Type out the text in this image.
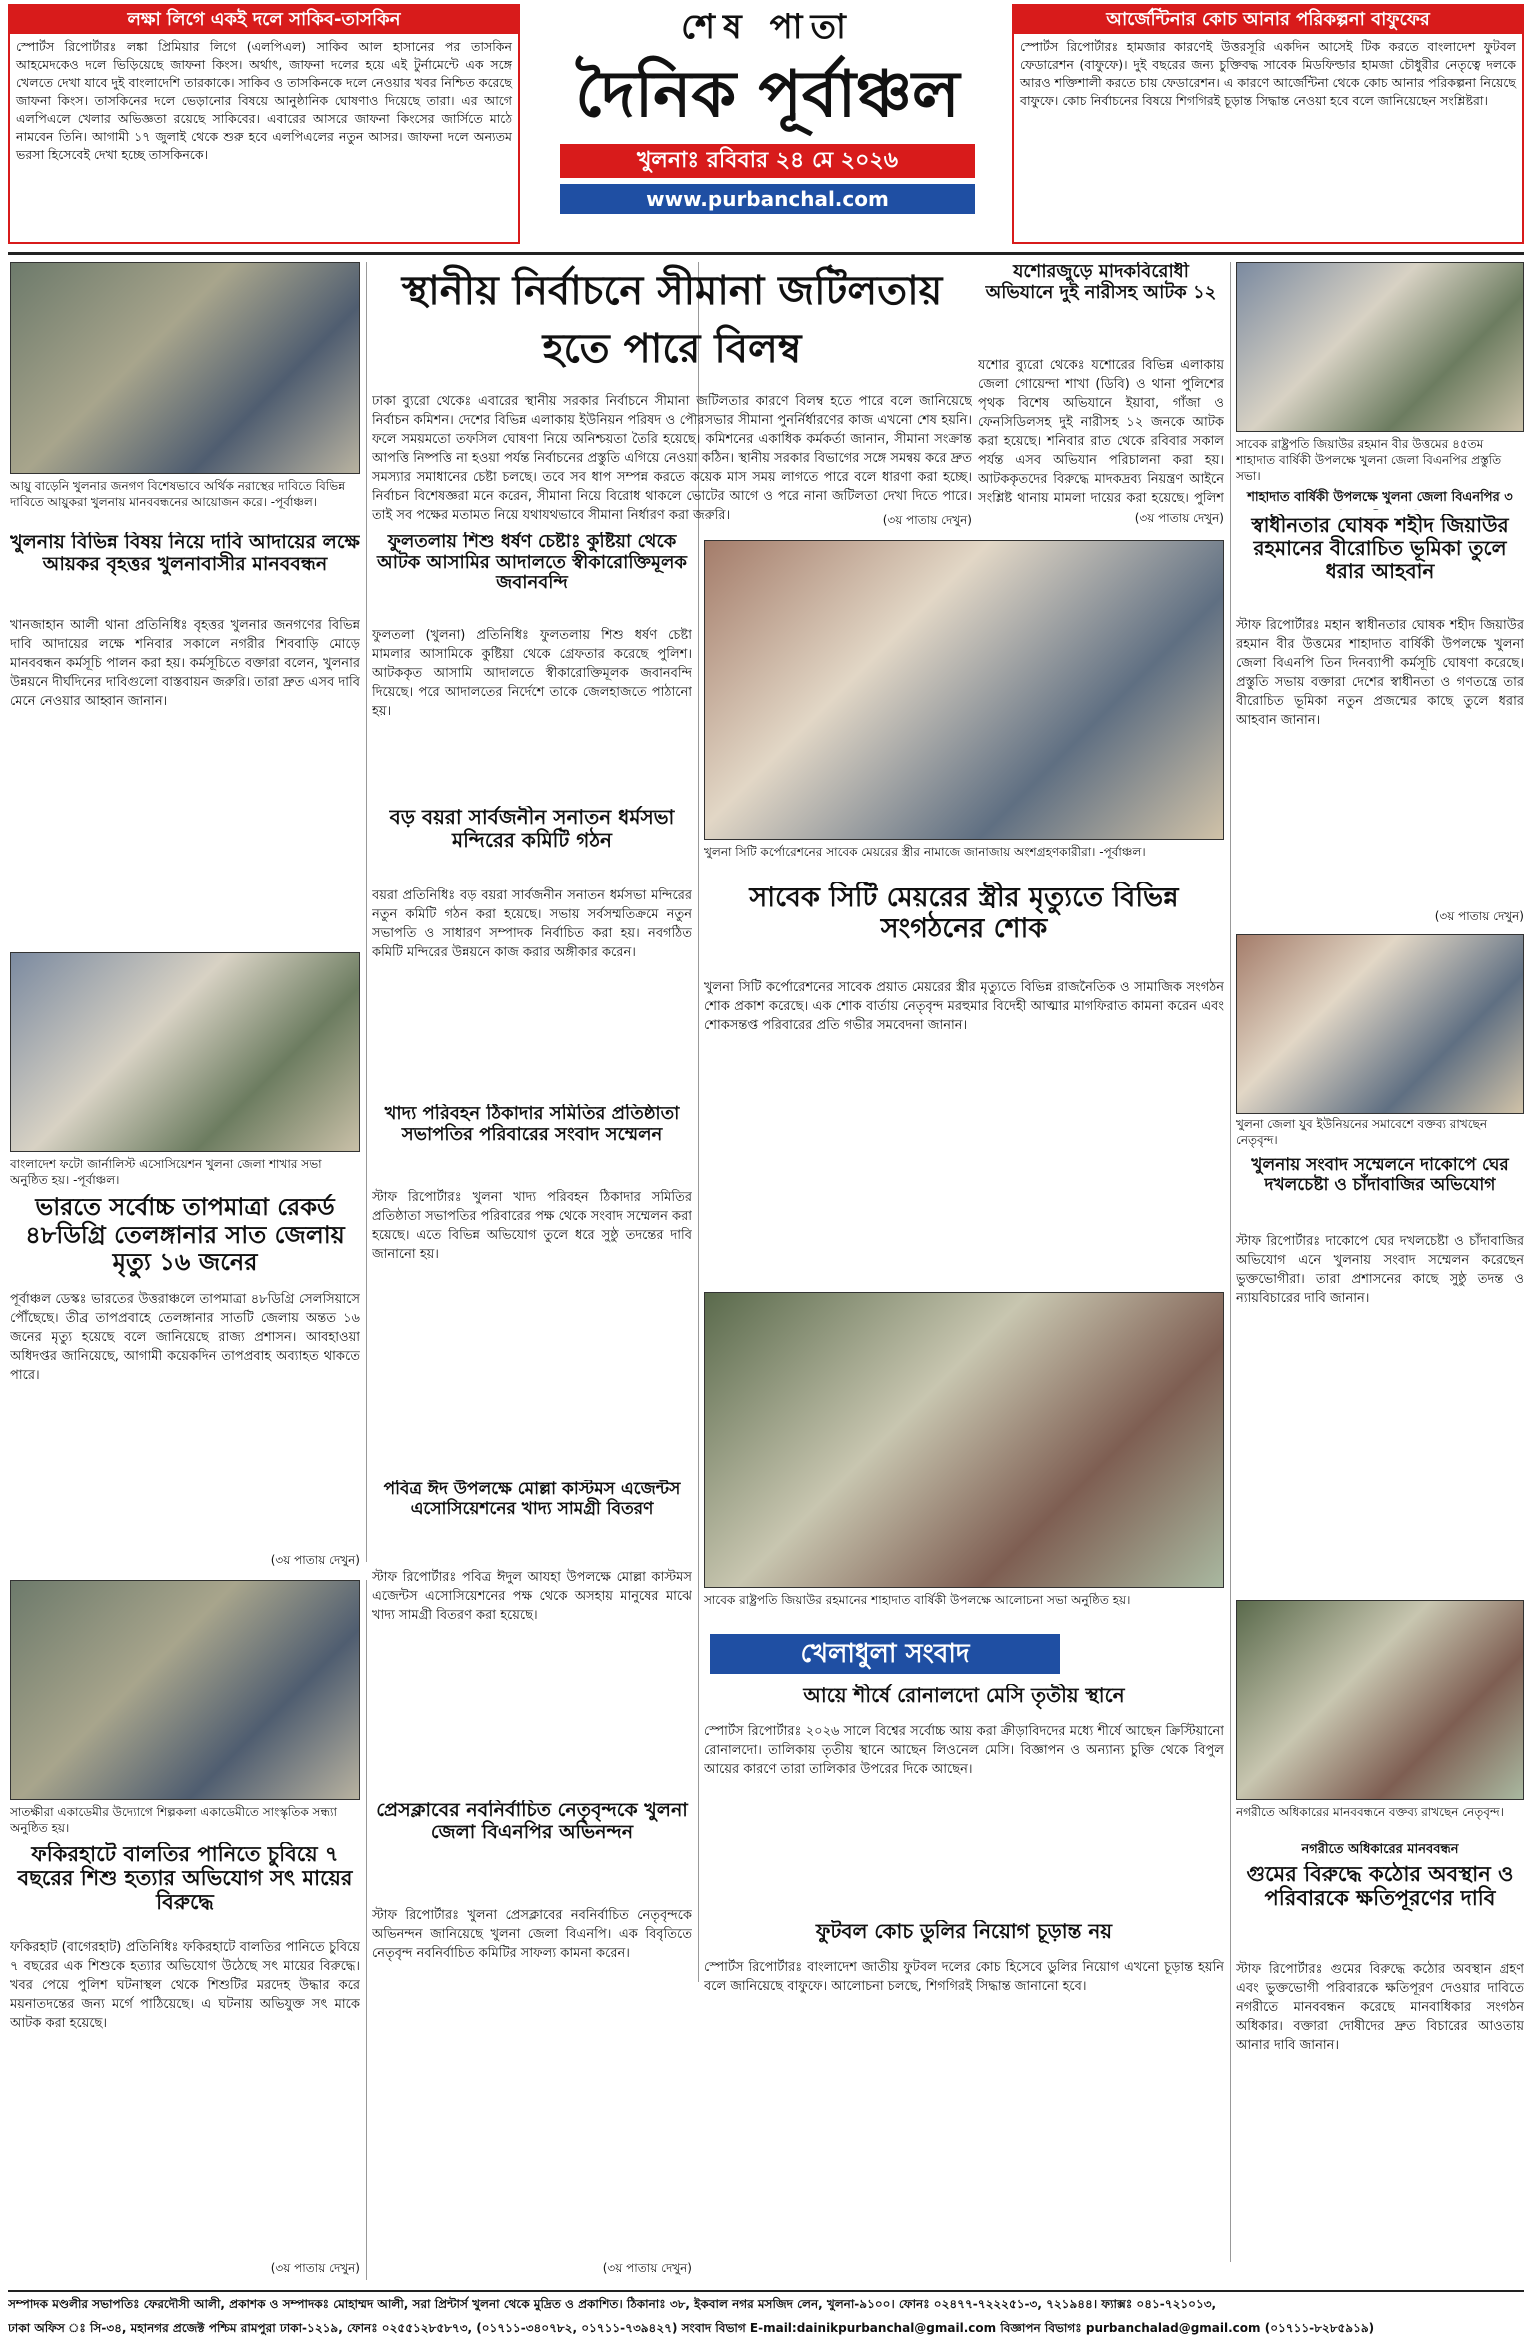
লক্ষা লিগে একই দলে সাকিব-তাসকিন
স্পোর্টস রিপোর্টারঃ লঙ্কা প্রিমিয়ার লিগে (এলপিএল) সাকিব আল হাসানের পর তাসকিন আহমেদকেও দলে ভিড়িয়েছে জাফনা কিংস। অর্থাৎ, জাফনা দলের হয়ে এই টুর্নামেন্টে এক সঙ্গে খেলতে দেখা যাবে দুই বাংলাদেশি তারকাকে। সাকিব ও তাসকিনকে দলে নেওয়ার খবর নিশ্চিত করেছে জাফনা কিংস। তাসকিনের দলে ভেড়ানোর বিষয়ে আনুষ্ঠানিক ঘোষণাও দিয়েছে তারা। এর আগে এলপিএলে খেলার অভিজ্ঞতা রয়েছে সাকিবের। এবারের আসরে জাফনা কিংসের জার্সিতে মাঠে নামবেন তিনি। আগামী ১৭ জুলাই থেকে শুরু হবে এলপিএলের নতুন আসর। জাফনা দলে অন্যতম ভরসা হিসেবেই দেখা হচ্ছে তাসকিনকে।
শেষ পাতা
দৈনিক পূর্বাঞ্চল
খুলনাঃ রবিবার ২৪ মে ২০২৬
www.purbanchal.com
আর্জেন্টিনার কোচ আনার পরিকল্পনা বাফুফের
স্পোর্টস রিপোর্টারঃ হামজার কারণেই উত্তরসূরি একদিন আসেই টিক করতে বাংলাদেশ ফুটবল ফেডারেশন (বাফুফে)। দুই বছরের জন্য চুক্তিবদ্ধ সাবেক মিডফিল্ডার হামজা চৌধুরীর নেতৃত্বে দলকে আরও শক্তিশালী করতে চায় ফেডারেশন। এ কারণে আর্জেন্টিনা থেকে কোচ আনার পরিকল্পনা নিয়েছে বাফুফে। কোচ নির্বাচনের বিষয়ে শিগগিরই চূড়ান্ত সিদ্ধান্ত নেওয়া হবে বলে জানিয়েছেন সংশ্লিষ্টরা।
আয়ু বাড়েনি খুলনার জনগণ বিশেষভাবে অর্থিক নরাস্থের দাবিতে বিভিন্ন দাবিতে আয়ুকরা খুলনায় মানববন্ধনের আয়োজন করে। -পূর্বাঞ্চল।
খুলনায় বিভিন্ন বিষয় নিয়ে দাবি আদায়ের লক্ষে আয়কর বৃহত্তর খুলনাবাসীর মানববন্ধন
খানজাহান আলী থানা প্রতিনিধিঃ বৃহত্তর খুলনার জনগণের বিভিন্ন দাবি আদায়ের লক্ষে শনিবার সকালে নগরীর শিববাড়ি মোড়ে মানববন্ধন কর্মসূচি পালন করা হয়। কর্মসূচিতে বক্তারা বলেন, খুলনার উন্নয়নে দীর্ঘদিনের দাবিগুলো বাস্তবায়ন জরুরি। তারা দ্রুত এসব দাবি মেনে নেওয়ার আহ্বান জানান।
বাংলাদেশ ফটো জার্নালিস্ট এসোসিয়েশন খুলনা জেলা শাখার সভা অনুষ্ঠিত হয়। -পূর্বাঞ্চল।
ভারতে সর্বোচ্চ তাপমাত্রা রেকর্ড ৪৮ডিগ্রি তেলঙ্গানার সাত জেলায় মৃত্যু ১৬ জনের
পূর্বাঞ্চল ডেস্কঃ ভারতের উত্তরাঞ্চলে তাপমাত্রা ৪৮ডিগ্রি সেলসিয়াসে পৌঁছেছে। তীব্র তাপপ্রবাহে তেলঙ্গানার সাতটি জেলায় অন্তত ১৬ জনের মৃত্যু হয়েছে বলে জানিয়েছে রাজ্য প্রশাসন। আবহাওয়া অধিদপ্তর জানিয়েছে, আগামী কয়েকদিন তাপপ্রবাহ অব্যাহত থাকতে পারে।
(৩য় পাতায় দেখুন)
ফুলতলায় শিশু ধর্ষণ চেষ্টাঃ কুষ্টিয়া থেকে আটক আসামির আদালতে স্বীকারোক্তিমূলক জবানবন্দি
ফুলতলা (খুলনা) প্রতিনিধিঃ ফুলতলায় শিশু ধর্ষণ চেষ্টা মামলার আসামিকে কুষ্টিয়া থেকে গ্রেফতার করেছে পুলিশ। আটককৃত আসামি আদালতে স্বীকারোক্তিমূলক জবানবন্দি দিয়েছে। পরে আদালতের নির্দেশে তাকে জেলহাজতে পাঠানো হয়।
বড় বয়রা সার্বজনীন সনাতন ধর্মসভা মন্দিরের কমিটি গঠন
বয়রা প্রতিনিধিঃ বড় বয়রা সার্বজনীন সনাতন ধর্মসভা মন্দিরের নতুন কমিটি গঠন করা হয়েছে। সভায় সর্বসম্মতিক্রমে নতুন সভাপতি ও সাধারণ সম্পাদক নির্বাচিত করা হয়। নবগঠিত কমিটি মন্দিরের উন্নয়নে কাজ করার অঙ্গীকার করেন।
খাদ্য পরিবহন ঠিকাদার সমিতির প্রতিষ্ঠাতা সভাপতির পরিবারের সংবাদ সম্মেলন
স্টাফ রিপোর্টারঃ খুলনা খাদ্য পরিবহন ঠিকাদার সমিতির প্রতিষ্ঠাতা সভাপতির পরিবারের পক্ষ থেকে সংবাদ সম্মেলন করা হয়েছে। এতে বিভিন্ন অভিযোগ তুলে ধরে সুষ্ঠু তদন্তের দাবি জানানো হয়।
পবিত্র ঈদ উপলক্ষে মোল্লা কাস্টমস এজেন্টস এসোসিয়েশনের খাদ্য সামগ্রী বিতরণ
স্টাফ রিপোর্টারঃ পবিত্র ঈদুল আযহা উপলক্ষে মোল্লা কাস্টমস এজেন্টস এসোসিয়েশনের পক্ষ থেকে অসহায় মানুষের মাঝে খাদ্য সামগ্রী বিতরণ করা হয়েছে।
স্থানীয় নির্বাচনে সীমানা জটিলতায় হতে পারে বিলম্ব
ঢাকা ব্যুরো থেকেঃ এবারের স্থানীয় সরকার নির্বাচনে সীমানা জটিলতার কারণে বিলম্ব হতে পারে বলে জানিয়েছে নির্বাচন কমিশন। দেশের বিভিন্ন এলাকায় ইউনিয়ন পরিষদ ও পৌরসভার সীমানা পুনর্নির্ধারণের কাজ এখনো শেষ হয়নি। ফলে সময়মতো তফসিল ঘোষণা নিয়ে অনিশ্চয়তা তৈরি হয়েছে। কমিশনের একাধিক কর্মকর্তা জানান, সীমানা সংক্রান্ত আপত্তি নিষ্পত্তি না হওয়া পর্যন্ত নির্বাচনের প্রস্তুতি এগিয়ে নেওয়া কঠিন। স্থানীয় সরকার বিভাগের সঙ্গে সমন্বয় করে দ্রুত সমস্যার সমাধানের চেষ্টা চলছে। তবে সব ধাপ সম্পন্ন করতে কয়েক মাস সময় লাগতে পারে বলে ধারণা করা হচ্ছে। নির্বাচন বিশেষজ্ঞরা মনে করেন, সীমানা নিয়ে বিরোধ থাকলে ভোটের আগে ও পরে নানা জটিলতা দেখা দিতে পারে। তাই সব পক্ষের মতামত নিয়ে যথাযথভাবে সীমানা নির্ধারণ করা জরুরি।	(৩য় পাতায় দেখুন)
খুলনা সিটি কর্পোরেশনের সাবেক মেয়রের স্ত্রীর নামাজে জানাজায় অংশগ্রহণকারীরা। -পূর্বাঞ্চল।
সাবেক সিটি মেয়রের স্ত্রীর মৃত্যুতে বিভিন্ন সংগঠনের শোক
খুলনা সিটি কর্পোরেশনের সাবেক প্রয়াত মেয়রের স্ত্রীর মৃত্যুতে বিভিন্ন রাজনৈতিক ও সামাজিক সংগঠন শোক প্রকাশ করেছে। এক শোক বার্তায় নেতৃবৃন্দ মরহুমার বিদেহী আত্মার মাগফিরাত কামনা করেন এবং শোকসন্তপ্ত পরিবারের প্রতি গভীর সমবেদনা জানান।
সাবেক রাষ্ট্রপতি জিয়াউর রহমানের শাহাদাত বার্ষিকী উপলক্ষে আলোচনা সভা অনুষ্ঠিত হয়।
খেলাধুলা সংবাদ
আয়ে শীর্ষে রোনালদো মেসি তৃতীয় স্থানে
স্পোর্টস রিপোর্টারঃ ২০২৬ সালে বিশ্বের সর্বোচ্চ আয় করা ক্রীড়াবিদদের মধ্যে শীর্ষে আছেন ক্রিস্টিয়ানো রোনালদো। তালিকায় তৃতীয় স্থানে আছেন লিওনেল মেসি। বিজ্ঞাপন ও অন্যান্য চুক্তি থেকে বিপুল আয়ের কারণে তারা তালিকার উপরের দিকে আছেন।
ফুটবল কোচ ডুলির নিয়োগ চূড়ান্ত নয়
স্পোর্টস রিপোর্টারঃ বাংলাদেশ জাতীয় ফুটবল দলের কোচ হিসেবে ডুলির নিয়োগ এখনো চূড়ান্ত হয়নি বলে জানিয়েছে বাফুফে। আলোচনা চলছে, শিগগিরই সিদ্ধান্ত জানানো হবে।
যশোরজুড়ে মাদকবিরোধী অভিযানে দুই নারীসহ আটক ১২
যশোর ব্যুরো থেকেঃ যশোরের বিভিন্ন এলাকায় জেলা গোয়েন্দা শাখা (ডিবি) ও থানা পুলিশের পৃথক বিশেষ অভিযানে ইয়াবা, গাঁজা ও ফেনসিডিলসহ দুই নারীসহ ১২ জনকে আটক করা হয়েছে। শনিবার রাত থেকে রবিবার সকাল পর্যন্ত এসব অভিযান পরিচালনা করা হয়। আটককৃতদের বিরুদ্ধে মাদকদ্রব্য নিয়ন্ত্রণ আইনে সংশ্লিষ্ট থানায় মামলা দায়ের করা হয়েছে। পুলিশ
(৩য় পাতায় দেখুন)
সাবেক রাষ্ট্রপতি জিয়াউর রহমান বীর উত্তমের ৪৫তম শাহাদাত বার্ষিকী উপলক্ষে খুলনা জেলা বিএনপির প্রস্তুতি সভা।
শাহাদাত বার্ষিকী উপলক্ষে খুলনা জেলা বিএনপির ৩
স্বাধীনতার ঘোষক শহীদ জিয়াউর রহমানের বীরোচিত ভূমিকা তুলে ধরার আহবান
স্টাফ রিপোর্টারঃ মহান স্বাধীনতার ঘোষক শহীদ জিয়াউর রহমান বীর উত্তমের শাহাদাত বার্ষিকী উপলক্ষে খুলনা জেলা বিএনপি তিন দিনব্যাপী কর্মসূচি ঘোষণা করেছে। প্রস্তুতি সভায় বক্তারা দেশের স্বাধীনতা ও গণতন্ত্রে তার বীরোচিত ভূমিকা নতুন প্রজন্মের কাছে তুলে ধরার আহবান জানান।
(৩য় পাতায় দেখুন)
খুলনা জেলা যুব ইউনিয়নের সমাবেশে বক্তব্য রাখছেন নেতৃবৃন্দ।
খুলনায় সংবাদ সম্মেলনে দাকোপে ঘের দখলচেষ্টা ও চাঁদাবাজির অভিযোগ
স্টাফ রিপোর্টারঃ দাকোপে ঘের দখলচেষ্টা ও চাঁদাবাজির অভিযোগ এনে খুলনায় সংবাদ সম্মেলন করেছেন ভুক্তভোগীরা। তারা প্রশাসনের কাছে সুষ্ঠু তদন্ত ও ন্যায়বিচারের দাবি জানান।
নগরীতে অধিকারের মানববন্ধনে বক্তব্য রাখছেন নেতৃবৃন্দ।
নগরীতে অধিকারের মানববন্ধন
গুমের বিরুদ্ধে কঠোর অবস্থান ও পরিবারকে ক্ষতিপূরণের দাবি
স্টাফ রিপোর্টারঃ গুমের বিরুদ্ধে কঠোর অবস্থান গ্রহণ এবং ভুক্তভোগী পরিবারকে ক্ষতিপূরণ দেওয়ার দাবিতে নগরীতে মানববন্ধন করেছে মানবাধিকার সংগঠন অধিকার। বক্তারা দোষীদের দ্রুত বিচারের আওতায় আনার দাবি জানান।
সাতক্ষীরা একাডেমীর উদ্যোগে শিল্পকলা একাডেমীতে সাংস্কৃতিক সন্ধ্যা অনুষ্ঠিত হয়।
ফকিরহাটে বালতির পানিতে চুবিয়ে ৭ বছরের শিশু হত্যার অভিযোগ সৎ মায়ের বিরুদ্ধে
ফকিরহাট (বাগেরহাট) প্রতিনিধিঃ ফকিরহাটে বালতির পানিতে চুবিয়ে ৭ বছরের এক শিশুকে হত্যার অভিযোগ উঠেছে সৎ মায়ের বিরুদ্ধে। খবর পেয়ে পুলিশ ঘটনাস্থল থেকে শিশুটির মরদেহ উদ্ধার করে ময়নাতদন্তের জন্য মর্গে পাঠিয়েছে। এ ঘটনায় অভিযুক্ত সৎ মাকে আটক করা হয়েছে।
(৩য় পাতায় দেখুন)
প্রেসক্লাবের নবনির্বাচিত নেতৃবৃন্দকে খুলনা জেলা বিএনপির অভিনন্দন
স্টাফ রিপোর্টারঃ খুলনা প্রেসক্লাবের নবনির্বাচিত নেতৃবৃন্দকে অভিনন্দন জানিয়েছে খুলনা জেলা বিএনপি। এক বিবৃতিতে নেতৃবৃন্দ নবনির্বাচিত কমিটির সাফল্য কামনা করেন।
(৩য় পাতায় দেখুন)
সম্পাদক মণ্ডলীর সভাপতিঃ ফেরদৌসী আলী, প্রকাশক ও সম্পাদকঃ মোহাম্মদ আলী, সরা প্রিন্টার্স খুলনা থেকে মুদ্রিত ও প্রকাশিত। ঠিকানাঃ ৩৮, ইকবাল নগর মসজিদ লেন, খুলনা-৯১০০। ফোনঃ ০২৪৭৭-৭২২২৫১-৩, ৭২১৯৪৪। ফ্যাক্সঃ ০৪১-৭২১০১৩,
ঢাকা অফিস ঃ সি-৩৪, মহানগর প্রজেক্ট পশ্চিম রামপুরা ঢাকা-১২১৯, ফোনঃ ০২৫৫১২৮৫৮৭৩, (০১৭১১-৩৪০৭৮২, ০১৭১১-৭৩৯৪২৭) সংবাদ বিভাগ E-mail:dainikpurbanchal@gmail.com বিজ্ঞাপন বিভাগঃ purbanchalad@gmail.com (০১৭১১-৮২৮৫৯১৯)
